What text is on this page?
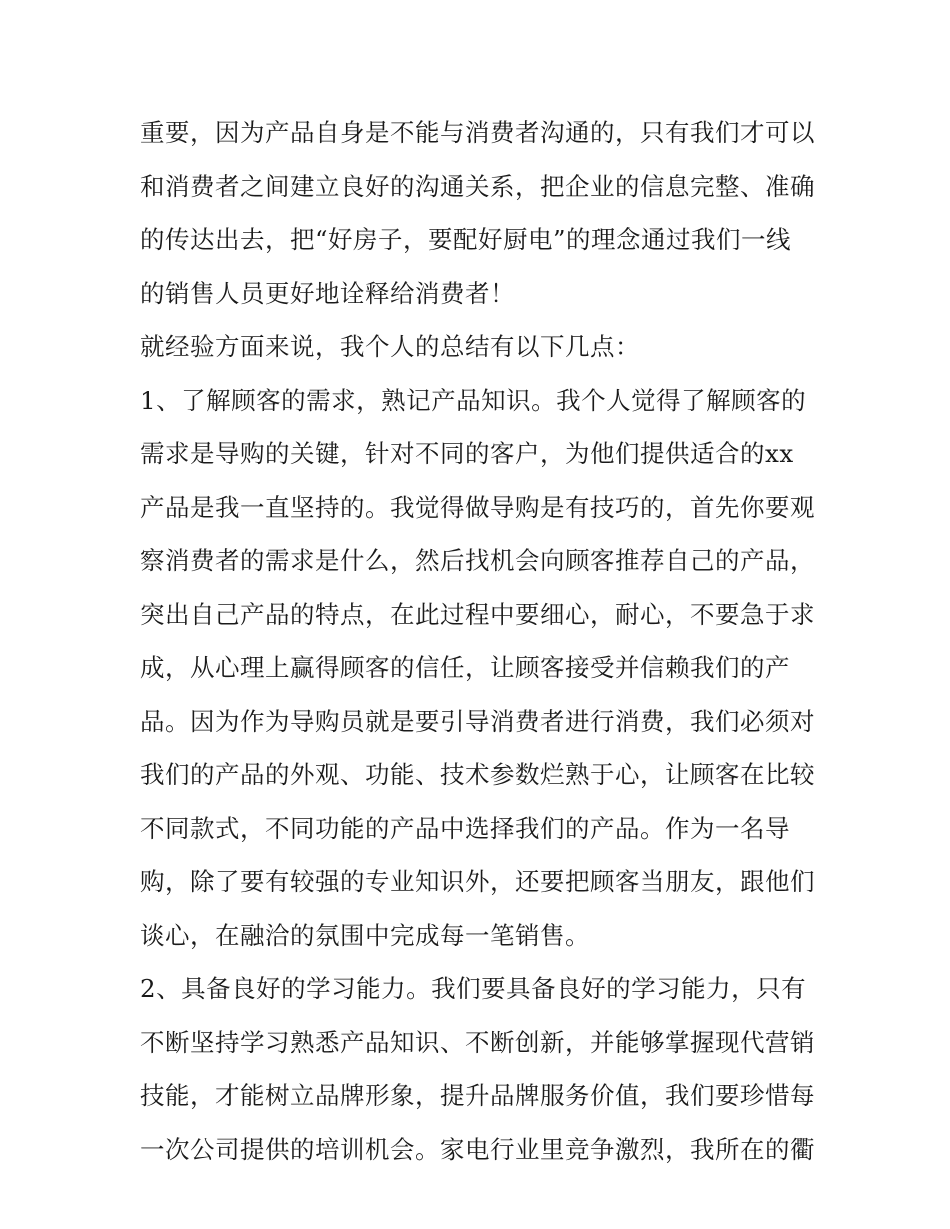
重要，因为产品自身是不能与消费者沟通的，只有我们才可以
和消费者之间建立良好的沟通关系，把企业的信息完整、准确
的传达出去，把“好房子，要配好厨电”的理念通过我们一线
的销售人员更好地诠释给消费者！
就经验方面来说，我个人的总结有以下几点：
1、了解顾客的需求，熟记产品知识。我个人觉得了解顾客的
需求是导购的关键，针对不同的客户，为他们提供适合的xx
产品是我一直坚持的。我觉得做导购是有技巧的，首先你要观
察消费者的需求是什么，然后找机会向顾客推荐自己的产品，
突出自己产品的特点，在此过程中要细心，耐心，不要急于求
成，从心理上赢得顾客的信任，让顾客接受并信赖我们的产
品。因为作为导购员就是要引导消费者进行消费，我们必须对
我们的产品的外观、功能、技术参数烂熟于心，让顾客在比较
不同款式，不同功能的产品中选择我们的产品。作为一名导
购，除了要有较强的专业知识外，还要把顾客当朋友，跟他们
谈心，在融洽的氛围中完成每一笔销售。
2、具备良好的学习能力。我们要具备良好的学习能力，只有
不断坚持学习熟悉产品知识、不断创新，并能够掌握现代营销
技能，才能树立品牌形象，提升品牌服务价值，我们要珍惜每
一次公司提供的培训机会。家电行业里竞争激烈，我所在的衢
